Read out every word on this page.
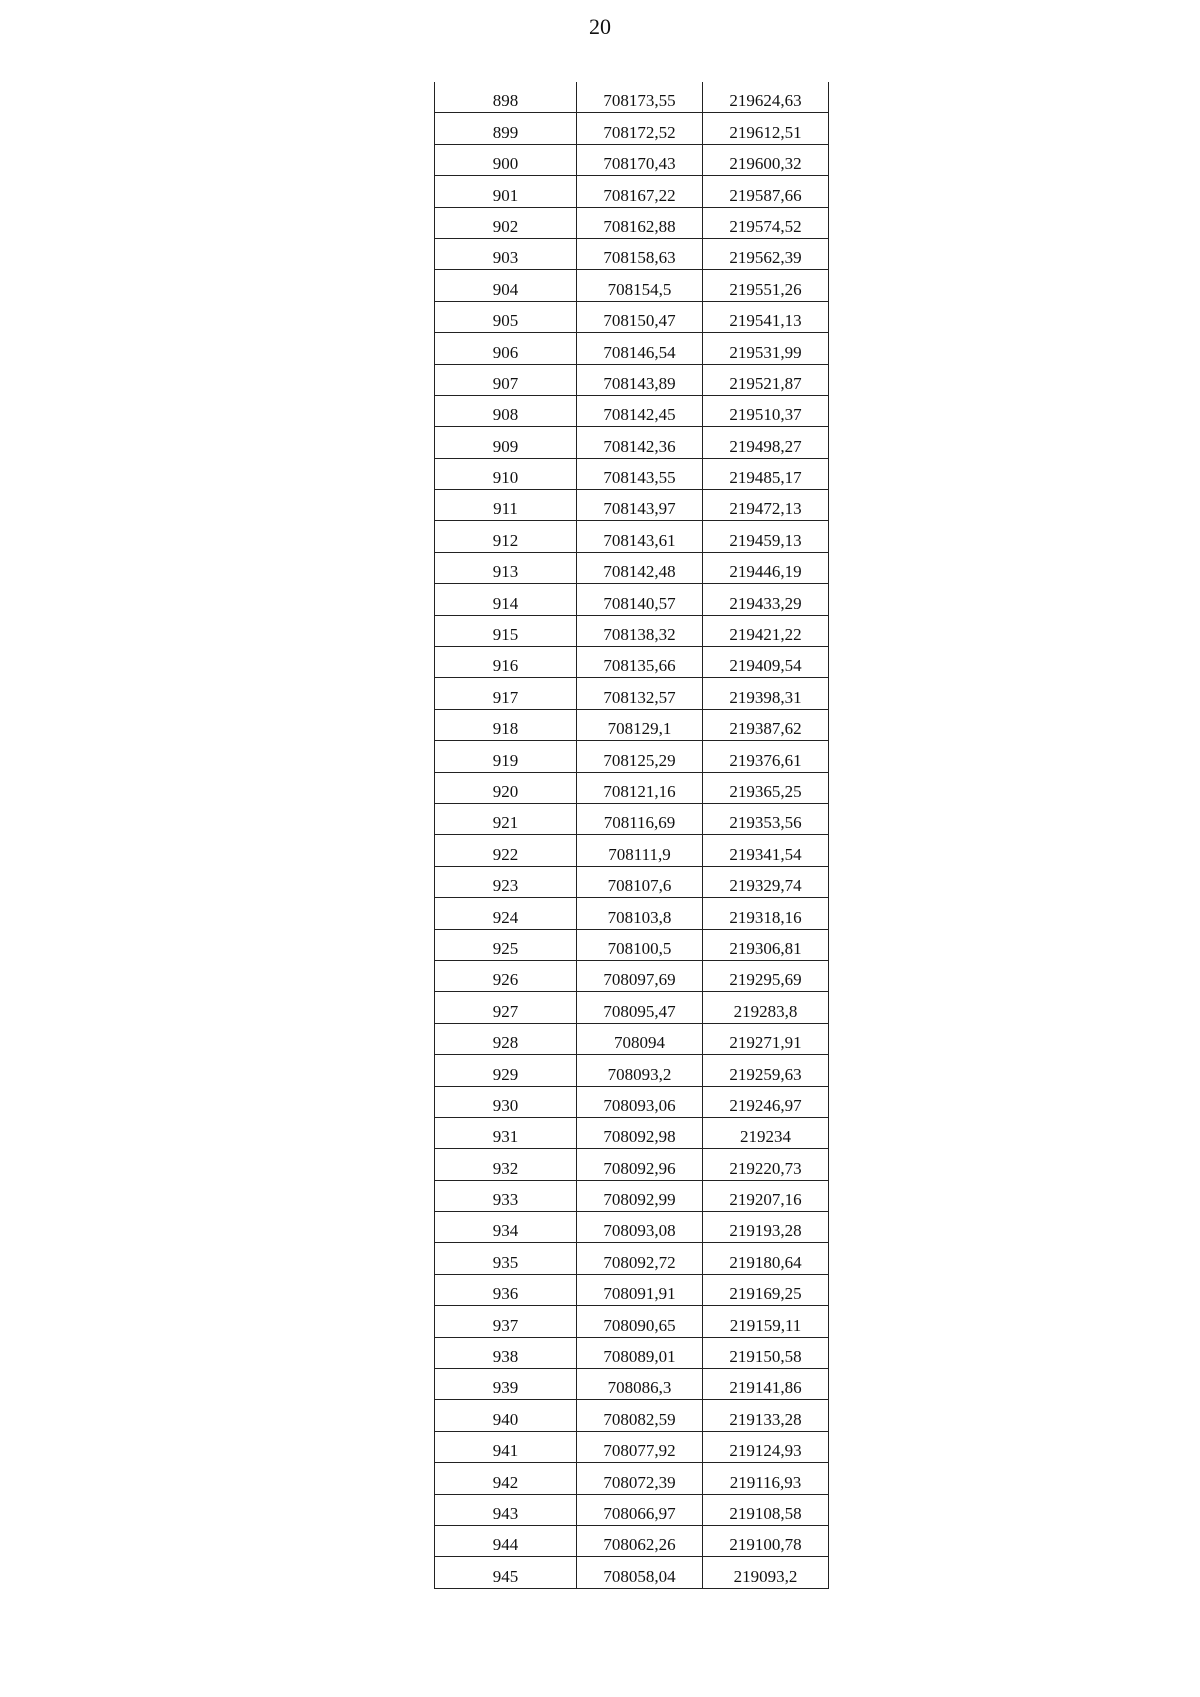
20
898	708173,55	219624,63
899	708172,52	219612,51
900	708170,43	219600,32
901	708167,22	219587,66
902	708162,88	219574,52
903	708158,63	219562,39
904	708154,5	219551,26
905	708150,47	219541,13
906	708146,54	219531,99
907	708143,89	219521,87
908	708142,45	219510,37
909	708142,36	219498,27
910	708143,55	219485,17
911	708143,97	219472,13
912	708143,61	219459,13
913	708142,48	219446,19
914	708140,57	219433,29
915	708138,32	219421,22
916	708135,66	219409,54
917	708132,57	219398,31
918	708129,1	219387,62
919	708125,29	219376,61
920	708121,16	219365,25
921	708116,69	219353,56
922	708111,9	219341,54
923	708107,6	219329,74
924	708103,8	219318,16
925	708100,5	219306,81
926	708097,69	219295,69
927	708095,47	219283,8
928	708094	219271,91
929	708093,2	219259,63
930	708093,06	219246,97
931	708092,98	219234
932	708092,96	219220,73
933	708092,99	219207,16
934	708093,08	219193,28
935	708092,72	219180,64
936	708091,91	219169,25
937	708090,65	219159,11
938	708089,01	219150,58
939	708086,3	219141,86
940	708082,59	219133,28
941	708077,92	219124,93
942	708072,39	219116,93
943	708066,97	219108,58
944	708062,26	219100,78
945	708058,04	219093,2
